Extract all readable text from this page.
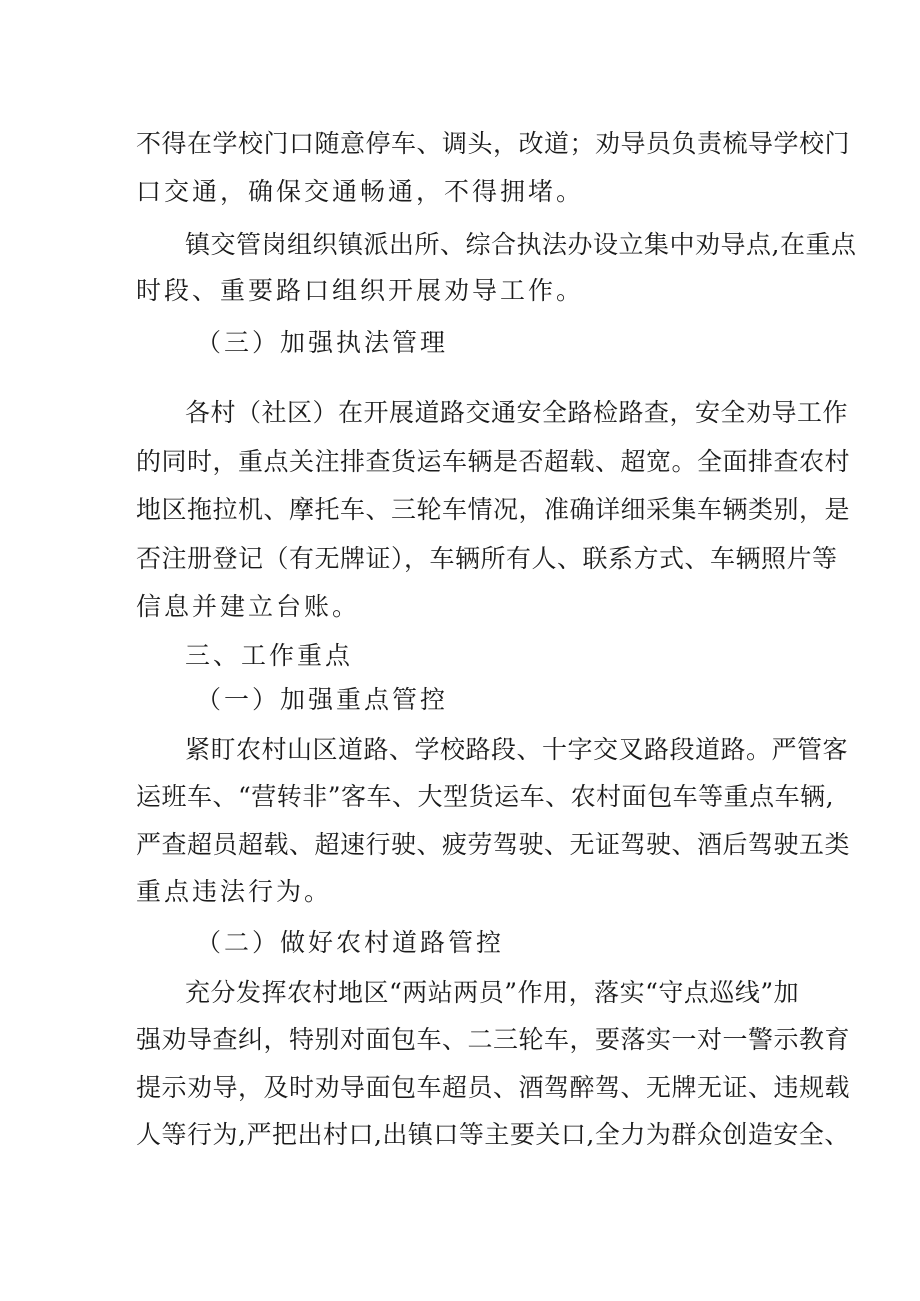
不得在学校门口随意停车、调头，改道；劝导员负责梳导学校门
口交通，确保交通畅通，不得拥堵。
镇交管岗组织镇派出所、综合执法办设立集中劝导点,在重点
时段、重要路口组织开展劝导工作。
（三）加强执法管理
各村（社区）在开展道路交通安全路检路查，安全劝导工作
的同时，重点关注排查货运车辆是否超载、超宽。全面排查农村
地区拖拉机、摩托车、三轮车情况，准确详细采集车辆类别，是
否注册登记（有无牌证），车辆所有人、联系方式、车辆照片等
信息并建立台账。
三、工作重点
（一）加强重点管控
紧盯农村山区道路、学校路段、十字交叉路段道路。严管客
运班车、“营转非”客车、大型货运车、农村面包车等重点车辆,
严查超员超载、超速行驶、疲劳驾驶、无证驾驶、酒后驾驶五类
重点违法行为。
（二）做好农村道路管控
充分发挥农村地区“两站两员”作用，落实“守点巡线”加
强劝导查纠，特别对面包车、二三轮车，要落实一对一警示教育
提示劝导，及时劝导面包车超员、酒驾醉驾、无牌无证、违规载
人等行为,严把出村口,出镇口等主要关口,全力为群众创造安全、
